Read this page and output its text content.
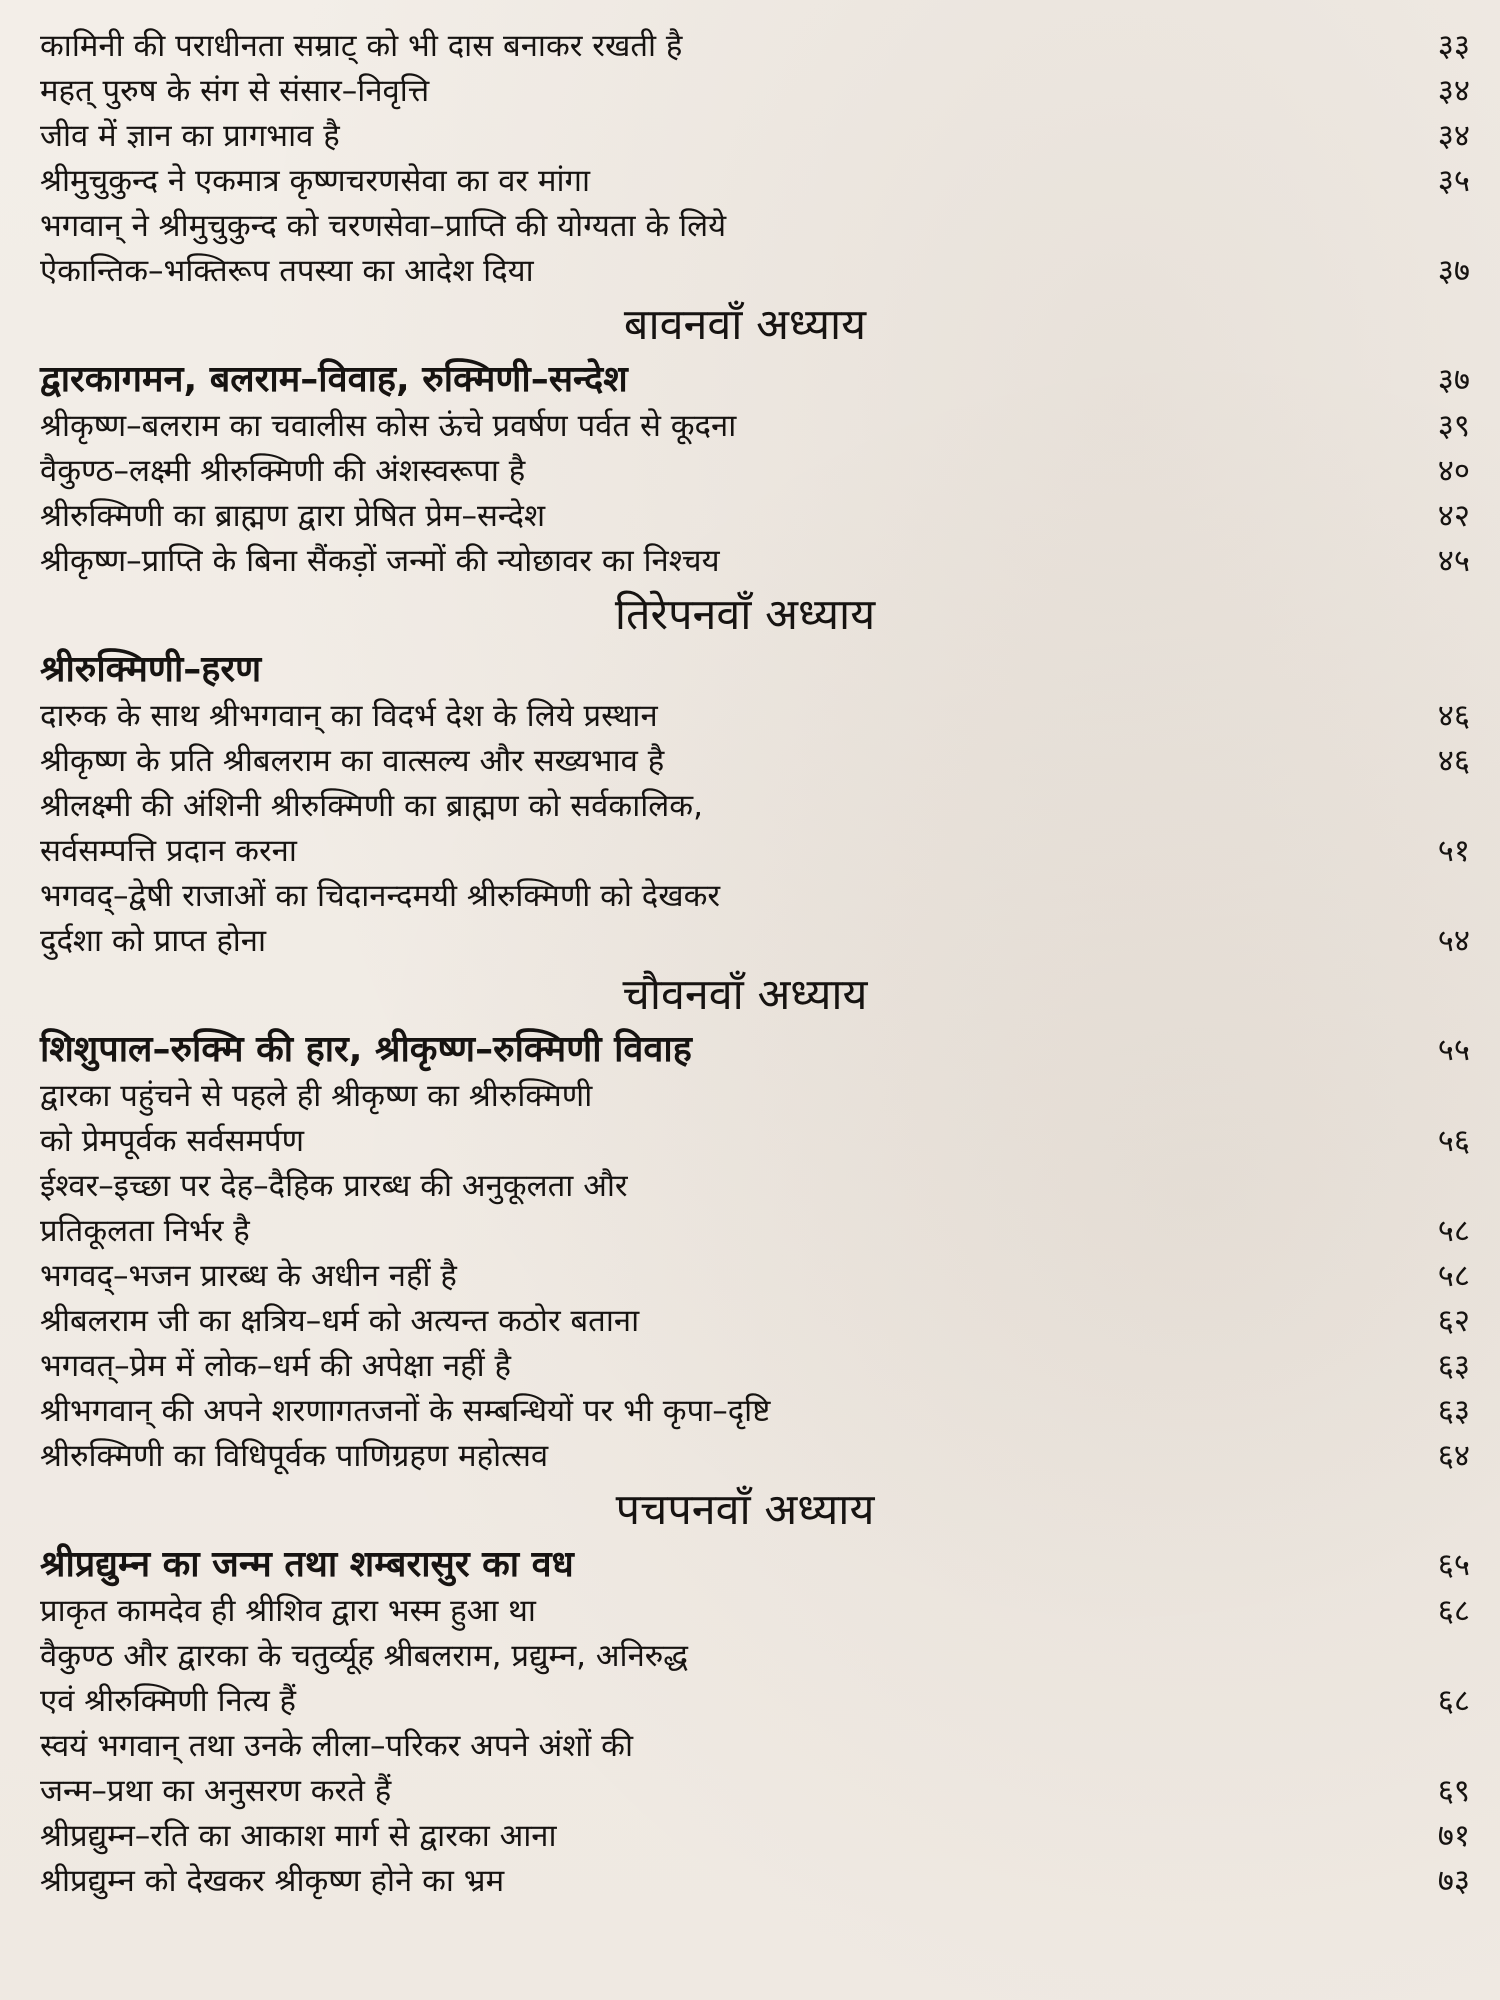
कामिनी की पराधीनता सम्राट् को भी दास बनाकर रखती है	३३
महत् पुरुष के संग से संसार–निवृत्ति	३४
जीव में ज्ञान का प्रागभाव है	३४
श्रीमुचुकुन्द ने एकमात्र कृष्णचरणसेवा का वर मांगा	३५
भगवान् ने श्रीमुचुकुन्द को चरणसेवा–प्राप्ति की योग्यता के लिये
ऐकान्तिक–भक्तिरूप तपस्या का आदेश दिया	३७
बावनवाँ अध्याय
द्वारकागमन, बलराम–विवाह, रुक्मिणी–सन्देश	३७
श्रीकृष्ण–बलराम का चवालीस कोस ऊंचे प्रवर्षण पर्वत से कूदना	३९
वैकुण्ठ–लक्ष्मी श्रीरुक्मिणी की अंशस्वरूपा है	४०
श्रीरुक्मिणी का ब्राह्मण द्वारा प्रेषित प्रेम–सन्देश	४२
श्रीकृष्ण–प्राप्ति के बिना सैंकड़ों जन्मों की न्योछावर का निश्चय	४५
तिरेपनवाँ अध्याय
श्रीरुक्मिणी–हरण
दारुक के साथ श्रीभगवान् का विदर्भ देश के लिये प्रस्थान	४६
श्रीकृष्ण के प्रति श्रीबलराम का वात्सल्य और सख्यभाव है	४६
श्रीलक्ष्मी की अंशिनी श्रीरुक्मिणी का ब्राह्मण को सर्वकालिक,
सर्वसम्पत्ति प्रदान करना	५१
भगवद्–द्वेषी राजाओं का चिदानन्दमयी श्रीरुक्मिणी को देखकर
दुर्दशा को प्राप्त होना	५४
चौवनवाँ अध्याय
शिशुपाल–रुक्मि की हार, श्रीकृष्ण–रुक्मिणी विवाह	५५
द्वारका पहुंचने से पहले ही श्रीकृष्ण का श्रीरुक्मिणी
को प्रेमपूर्वक सर्वसमर्पण	५६
ईश्वर–इच्छा पर देह–दैहिक प्रारब्ध की अनुकूलता और
प्रतिकूलता निर्भर है	५८
भगवद्–भजन प्रारब्ध के अधीन नहीं है	५८
श्रीबलराम जी का क्षत्रिय–धर्म को अत्यन्त कठोर बताना	६२
भगवत्–प्रेम में लोक–धर्म की अपेक्षा नहीं है	६३
श्रीभगवान् की अपने शरणागतजनों के सम्बन्धियों पर भी कृपा–दृष्टि	६३
श्रीरुक्मिणी का विधिपूर्वक पाणिग्रहण महोत्सव	६४
पचपनवाँ अध्याय
श्रीप्रद्युम्न का जन्म तथा शम्बरासुर का वध	६५
प्राकृत कामदेव ही श्रीशिव द्वारा भस्म हुआ था	६८
वैकुण्ठ और द्वारका के चतुर्व्यूह श्रीबलराम, प्रद्युम्न, अनिरुद्ध
एवं श्रीरुक्मिणी नित्य हैं	६८
स्वयं भगवान् तथा उनके लीला–परिकर अपने अंशों की
जन्म–प्रथा का अनुसरण करते हैं	६९
श्रीप्रद्युम्न–रति का आकाश मार्ग से द्वारका आना	७१
श्रीप्रद्युम्न को देखकर श्रीकृष्ण होने का भ्रम	७३
